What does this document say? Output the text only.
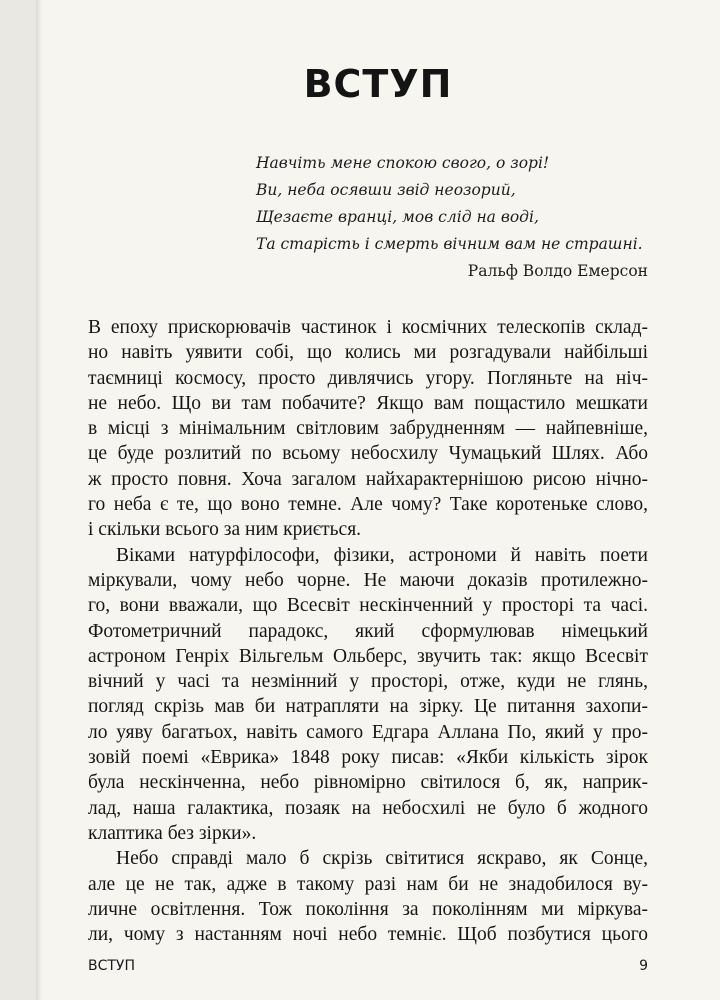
ВСТУП
Навчіть мене спокою свого, о зорі!
Ви, неба осявши звід неозорий,
Щезаєте вранці, мов слід на воді,
Та старість і смерть вічним вам не страшні.
Ральф Волдо Емерсон
В епоху прискорювачів частинок і космічних телескопів склад-
но навіть уявити собі, що колись ми розгадували найбільші
таємниці космосу, просто дивлячись угору. Погляньте на ніч-
не небо. Що ви там побачите? Якщо вам пощастило мешкати
в місці з мінімальним світловим забрудненням — найпевніше,
це буде розлитий по всьому небосхилу Чумацький Шлях. Або
ж просто повня. Хоча загалом найхарактернішою рисою нічно-
го неба є те, що воно темне. Але чому? Таке коротеньке слово,
і скільки всього за ним криється.
Віками натурфілософи, фізики, астрономи й навіть поети
міркували, чому небо чорне. Не маючи доказів протилежно-
го, вони вважали, що Всесвіт нескінченний у просторі та часі.
Фотометричний парадокс, який сформулював німецький
астроном Генріх Вільгельм Ольберс, звучить так: якщо Всесвіт
вічний у часі та незмінний у просторі, отже, куди не глянь,
погляд скрізь мав би натрапляти на зірку. Це питання захопи-
ло уяву багатьох, навіть самого Едгара Аллана По, який у про-
зовій поемі «Еврика» 1848 року писав: «Якби кількість зірок
була нескінченна, небо рівномірно світилося б, як, наприк-
лад, наша галактика, позаяк на небосхилі не було б жодного
клаптика без зірки».
Небо справді мало б скрізь світитися яскраво, як Сонце,
але це не так, адже в такому разі нам би не знадобилося ву-
личне освітлення. Тож покоління за поколінням ми міркува-
ли, чому з настанням ночі небо темніє. Щоб позбутися цього
ВСТУП	9
